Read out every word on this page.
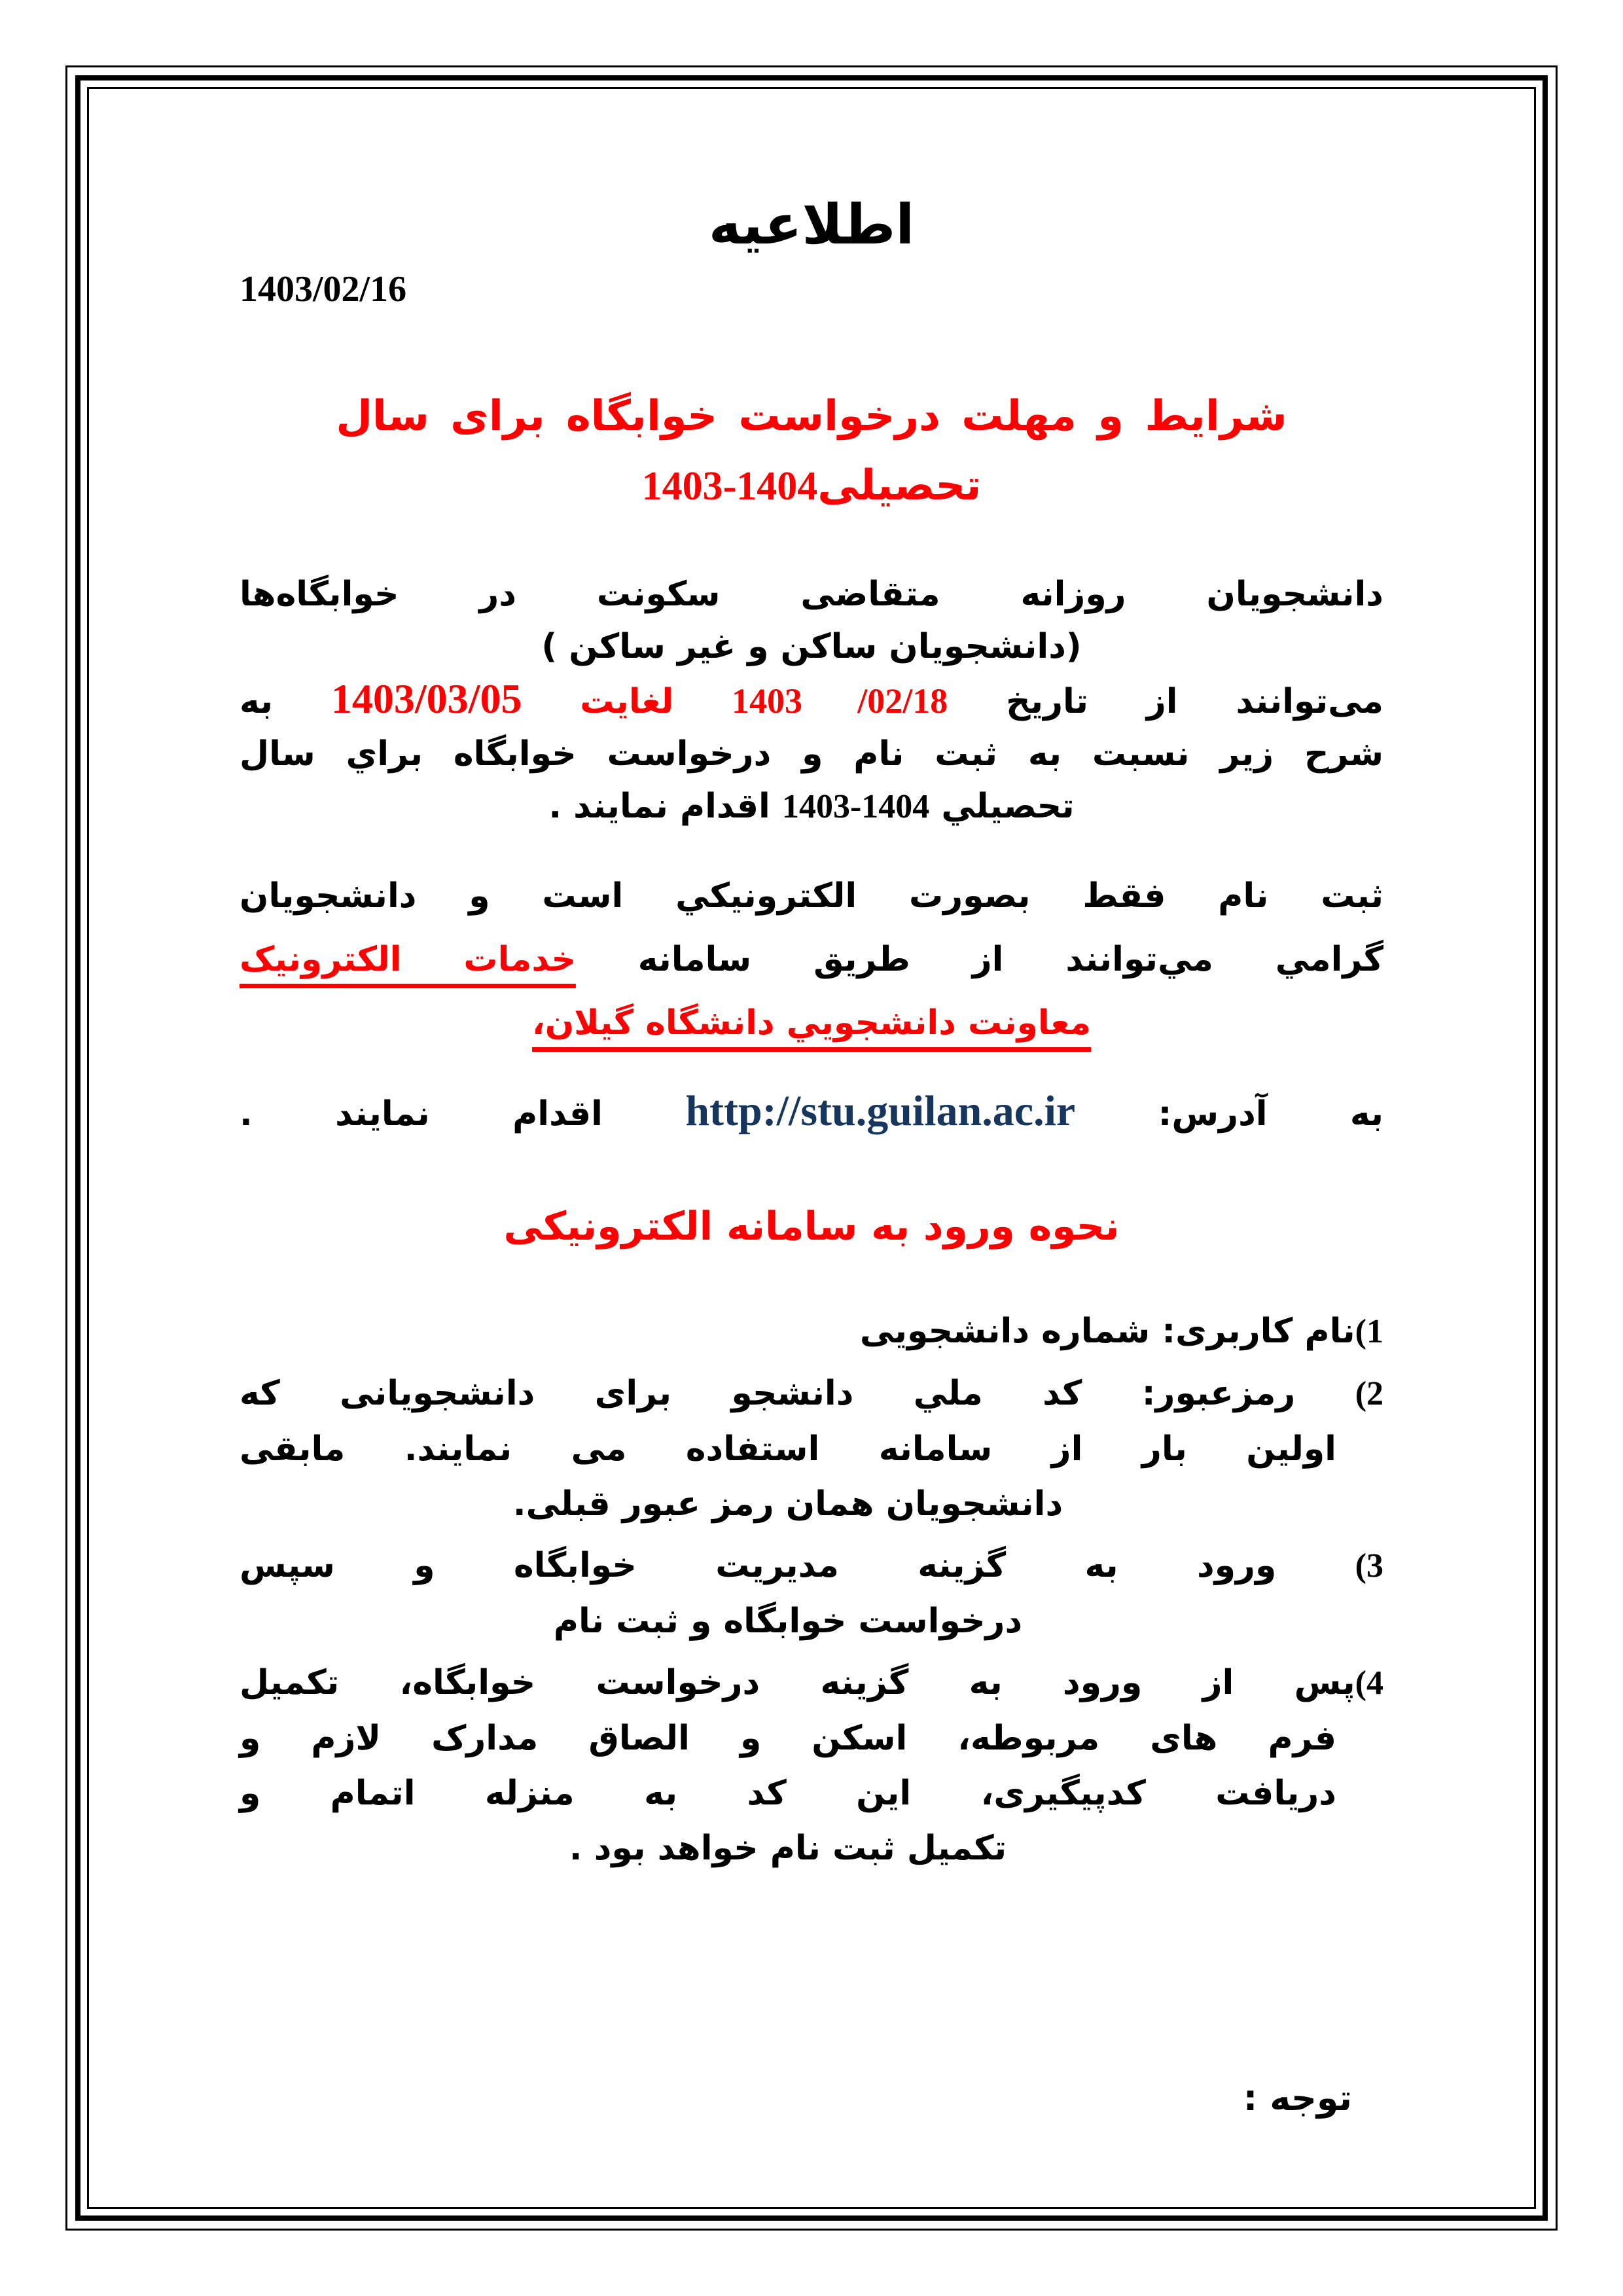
اطلاعيه
1403/02/16
شرایط و مهلت درخواست خوابگاه برای سال
تحصیلی1403-1404
دانشجویان روزانه متقاضی سکونت در خوابگاه‌ها
(دانشجویان ساکن و غیر ساکن )
می‌توانند از تاریخ 1403 /02/18 لغایت 1403/03/05 به
شرح زير نسبت به ثبت نام و درخواست خوابگاه براي سال
تحصيلي 1403-1404 اقدام نمايند .
ثبت نام فقط بصورت الکترونيکي است و دانشجويان
گرامي مي‌توانند از طريق سامانه خدمات الکترونيک
معاونت دانشجويي دانشگاه گيلان،
به آدرس: http://stu.guilan.ac.ir اقدام نمایند .
نحوه ورود به سامانه الکترونیکی
1)نام کاربری: شماره دانشجویی
2) رمزعبور: کد ملي دانشجو برای دانشجویانی که
اولین بار از سامانه استفاده می نمایند. مابقی
دانشجویان همان رمز عبور قبلی.
3) ورود به گزینه مدیریت خوابگاه و سپس
درخواست خوابگاه و ثبت نام
4)پس از ورود به گزینه درخواست خوابگاه، تکمیل
فرم های مربوطه، اسکن و الصاق مدارک لازم و
دریافت کدپیگیری، این کد به منزله اتمام و
تکمیل ثبت نام خواهد بود .
توجه :
